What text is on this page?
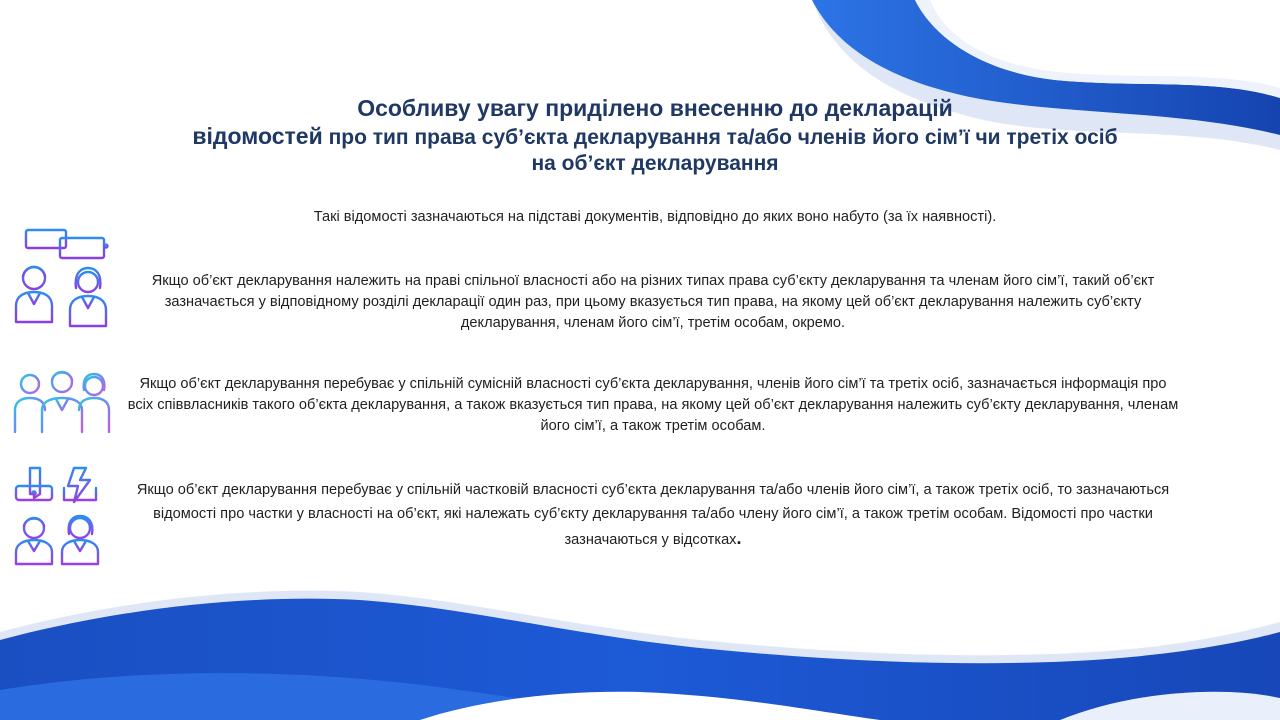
Особливу увагу приділено внесенню до декларацій
відомостей про тип права суб’єкта декларування та/або членів його сім’ї чи третіх осіб
на об’єкт декларування
Такі відомості зазначаються на підставі документів, відповідно до яких воно набуто (за їх наявності).
Якщо об’єкт декларування належить на праві спільної власності або на різних типах права суб’єкту декларування та членам його сім’ї, такий об’єкт зазначається у відповідному розділі декларації один раз, при цьому вказується тип права, на якому цей об’єкт декларування належить суб’єкту декларування, членам його сім’ї, третім особам, окремо.
Якщо об’єкт декларування перебуває у спільній сумісній власності суб’єкта декларування, членів його сім’ї та третіх осіб, зазначається інформація про всіх співвласників такого об’єкта декларування, а також вказується тип права, на якому цей об’єкт декларування належить суб’єкту декларування, членам його сім’ї, а також третім особам.
Якщо об’єкт декларування перебуває у спільній частковій власності суб’єкта декларування та/або членів його сім’ї, а також третіх осіб, то зазначаються відомості про частки у власності на об’єкт, які належать суб’єкту декларування та/або члену його сім’ї, а також третім особам. Відомості про частки зазначаються у відсотках.
